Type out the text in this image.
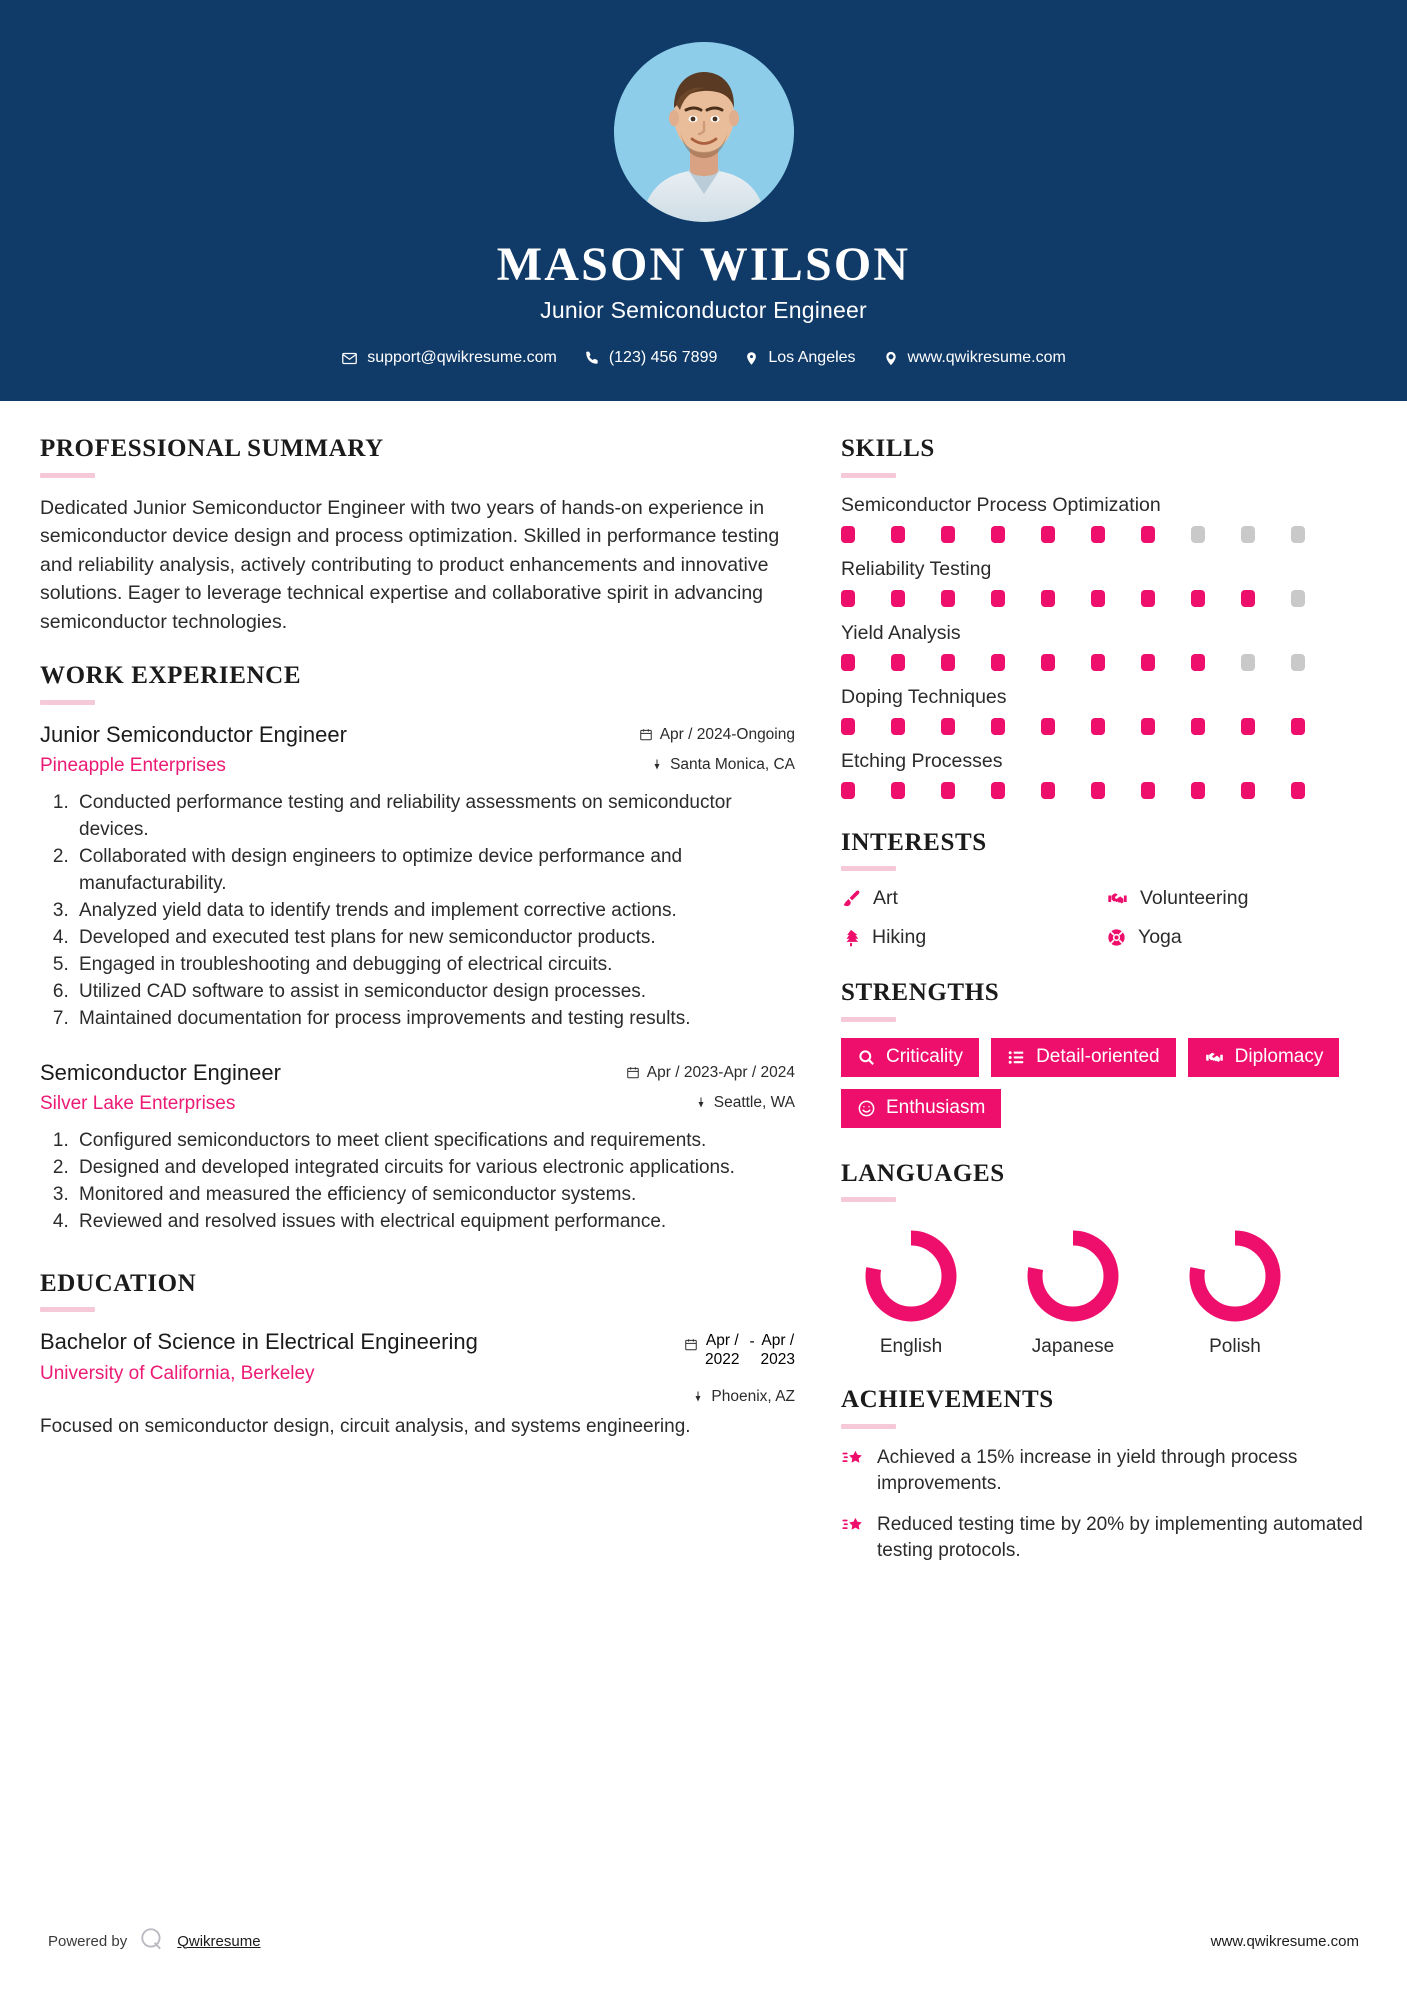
MASON WILSON
Junior Semiconductor Engineer
support@qwikresume.com	(123) 456 7899	Los Angeles	www.qwikresume.com
PROFESSIONAL SUMMARY
Dedicated Junior Semiconductor Engineer with two years of hands-on experience in semiconductor device design and process optimization. Skilled in performance testing and reliability analysis, actively contributing to product enhancements and innovative solutions. Eager to leverage technical expertise and collaborative spirit in advancing semiconductor technologies.
WORK EXPERIENCE
Junior Semiconductor Engineer
Pineapple Enterprises
Apr / 2024-Ongoing
Santa Monica, CA
1. Conducted performance testing and reliability assessments on semiconductor devices.
2. Collaborated with design engineers to optimize device performance and manufacturability.
3. Analyzed yield data to identify trends and implement corrective actions.
4. Developed and executed test plans for new semiconductor products.
5. Engaged in troubleshooting and debugging of electrical circuits.
6. Utilized CAD software to assist in semiconductor design processes.
7. Maintained documentation for process improvements and testing results.
Semiconductor Engineer
Silver Lake Enterprises
Apr / 2023-Apr / 2024
Seattle, WA
1. Configured semiconductors to meet client specifications and requirements.
2. Designed and developed integrated circuits for various electronic applications.
3. Monitored and measured the efficiency of semiconductor systems.
4. Reviewed and resolved issues with electrical equipment performance.
EDUCATION
Bachelor of Science in Electrical Engineering
University of California, Berkeley
Apr /
2022
- Apr /
2023
Phoenix, AZ
Focused on semiconductor design, circuit analysis, and systems engineering.
SKILLS
Semiconductor Process Optimization
Reliability Testing
Yield Analysis
Doping Techniques
Etching Processes
INTERESTS
Art	Volunteering
Hiking	Yoga
STRENGTHS
Criticality	Detail-oriented	Diplomacy
Enthusiasm
LANGUAGES
English	Japanese	Polish
ACHIEVEMENTS
Achieved a 15% increase in yield through process improvements.
Reduced testing time by 20% by implementing automated testing protocols.
Powered by	Qwikresume	www.qwikresume.com
